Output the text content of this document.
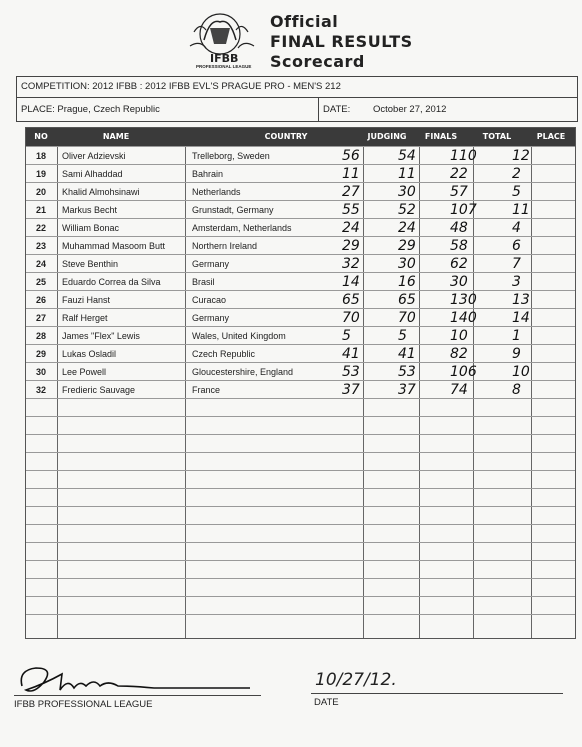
IFBB
PROFESSIONAL LEAGUE
Official
FINAL RESULTS
Scorecard
COMPETITION: 2012 IFBB : 2012 IFBB EVL'S PRAGUE PRO - MEN'S 212
PLACE: Prague, Czech Republic	DATE: October 27, 2012
NO	NAME	COUNTRY	JUDGING	FINALS	TOTAL	PLACE
18	Oliver Adzievski	Trelleborg, Sweden	56	54 110	12
19	Sami Alhaddad	Bahrain	11	11 22	2
20	Khalid Almohsinawi	Netherlands	27	30 57	5
21	Markus Becht	Grunstadt, Germany	55	52 107	11
22	William Bonac	Amsterdam, Netherlands	24	24 48	4
23	Muhammad Masoom Butt	Northern Ireland	29	29 58	6
24	Steve Benthin	Germany	32	30 62	7
25	Eduardo Correa da Silva	Brasil	14	16 30	3
26	Fauzi Hanst	Curacao	65	65 130	13
27	Ralf Herget	Germany	70	70 140	14
28	James "Flex" Lewis	Wales, United Kingdom	5	5	10	1
29	Lukas Osladil	Czech Republic	41	41 82	9
30	Lee Powell	Gloucestershire, England	53	53 106	10
32	Fredieric Sauvage	France	37	37 74	8
IFBB PROFESSIONAL LEAGUE
10/27/12.
DATE
